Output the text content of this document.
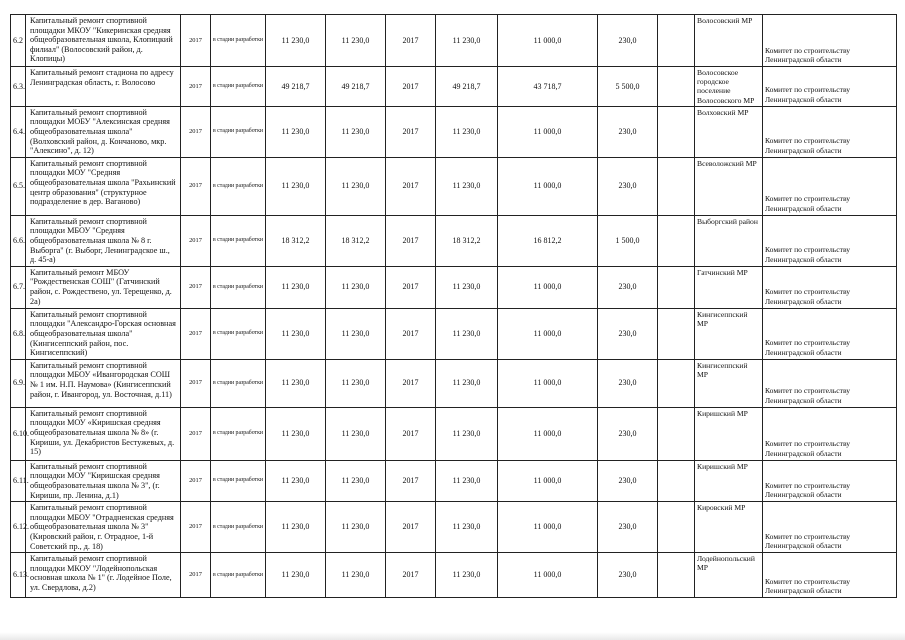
6.2	Капитальный ремонт спортивной площадки МКОУ "Кикеринская средняя общеобразовательная школа, Клопицкий филиал" (Волосовский район, д. Клопицы)	2017	в стадии разработки	11 230,0	11 230,0	2017	11 230,0	11 000,0	230,0		Волосовский МР	Комитет по строительству Ленинградской области
6.3.	Капитальный ремонт стадиона по адресу Ленинградская область, г. Волосово	2017	в стадии разработки	49 218,7	49 218,7	2017	49 218,7	43 718,7	5 500,0		Волосовское городское поселение Волосовского МР	Комитет по строительству Ленинградской области
6.4.	Капитальный ремонт спортивной площадки МОБУ "Алексинская средняя общеобразовательная школа" (Волховский район, д. Кончаново, мкр. "Алексино", д. 12)	2017	в стадии разработки	11 230,0	11 230,0	2017	11 230,0	11 000,0	230,0		Волховский МР	Комитет по строительству Ленинградской области
6.5.	Капитальный ремонт спортивной площадки МОУ "Средняя общеобразовательная школа "Рахьинский центр образования" (структурное подразделение в дер. Ваганово)	2017	в стадии разработки	11 230,0	11 230,0	2017	11 230,0	11 000,0	230,0		Всеволожский МР	Комитет по строительству Ленинградской области
6.6.	Капитальный ремонт спортивной площадки МБОУ "Средняя общеобразовательная школа № 8 г. Выборга" (г. Выборг, Ленинградское ш., д. 45-а)	2017	в стадии разработки	18 312,2	18 312,2	2017	18 312,2	16 812,2	1 500,0		Выборгский район	Комитет по строительству Ленинградской области
6.7.	Капитальный ремонт МБОУ "Рождественская СОШ" (Гатчинский район, с. Рождествено, ул. Терещенко, д. 2а)	2017	в стадии разработки	11 230,0	11 230,0	2017	11 230,0	11 000,0	230,0		Гатчинский МР	Комитет по строительству Ленинградской области
6.8.	Капитальный ремонт спортивной площадки "Александро-Горская основная общеобразовательная школа" (Кингисеппский район, пос. Кингисеппский)	2017	в стадии разработки	11 230,0	11 230,0	2017	11 230,0	11 000,0	230,0		Кингисеппский МР	Комитет по строительству Ленинградской области
6.9.	Капитальный ремонт спортивной площадки МБОУ «Ивангородская СОШ № 1 им. Н.П. Наумова» (Кингисеппский район, г. Ивангород, ул. Восточная, д.11)	2017	в стадии разработки	11 230,0	11 230,0	2017	11 230,0	11 000,0	230,0		Кингисеппский МР	Комитет по строительству Ленинградской области
6.10.	Капитальный ремонт спортивной площадки МОУ «Киришская средняя общеобразовательная школа № 8» (г. Кириши, ул. Декабристов Бестужевых, д. 15)	2017	в стадии разработки	11 230,0	11 230,0	2017	11 230,0	11 000,0	230,0		Киришский МР	Комитет по строительству Ленинградской области
6.11.	Капитальный ремонт спортивной площадки МОУ "Киришская средняя общеобразовательная школа № 3", (г. Кириши, пр. Ленина, д.1)	2017	в стадии разработки	11 230,0	11 230,0	2017	11 230,0	11 000,0	230,0		Киришский МР	Комитет по строительству Ленинградской области
6.12.	Капитальный ремонт спортивной площадки МБОУ "Отрадненская средняя общеобразовательная школа № 3" (Кировский район, г. Отрадное, 1-й Советский пр., д. 18)	2017	в стадии разработки	11 230,0	11 230,0	2017	11 230,0	11 000,0	230,0		Кировский МР	Комитет по строительству Ленинградской области
6.13.	Капитальный ремонт спортивной площадки МКОУ "Лодейнопольская основная школа № 1" (г. Лодейное Поле, ул. Свердлова, д.2)	2017	в стадии разработки	11 230,0	11 230,0	2017	11 230,0	11 000,0	230,0		Лодейнопольский МР	Комитет по строительству Ленинградской области
